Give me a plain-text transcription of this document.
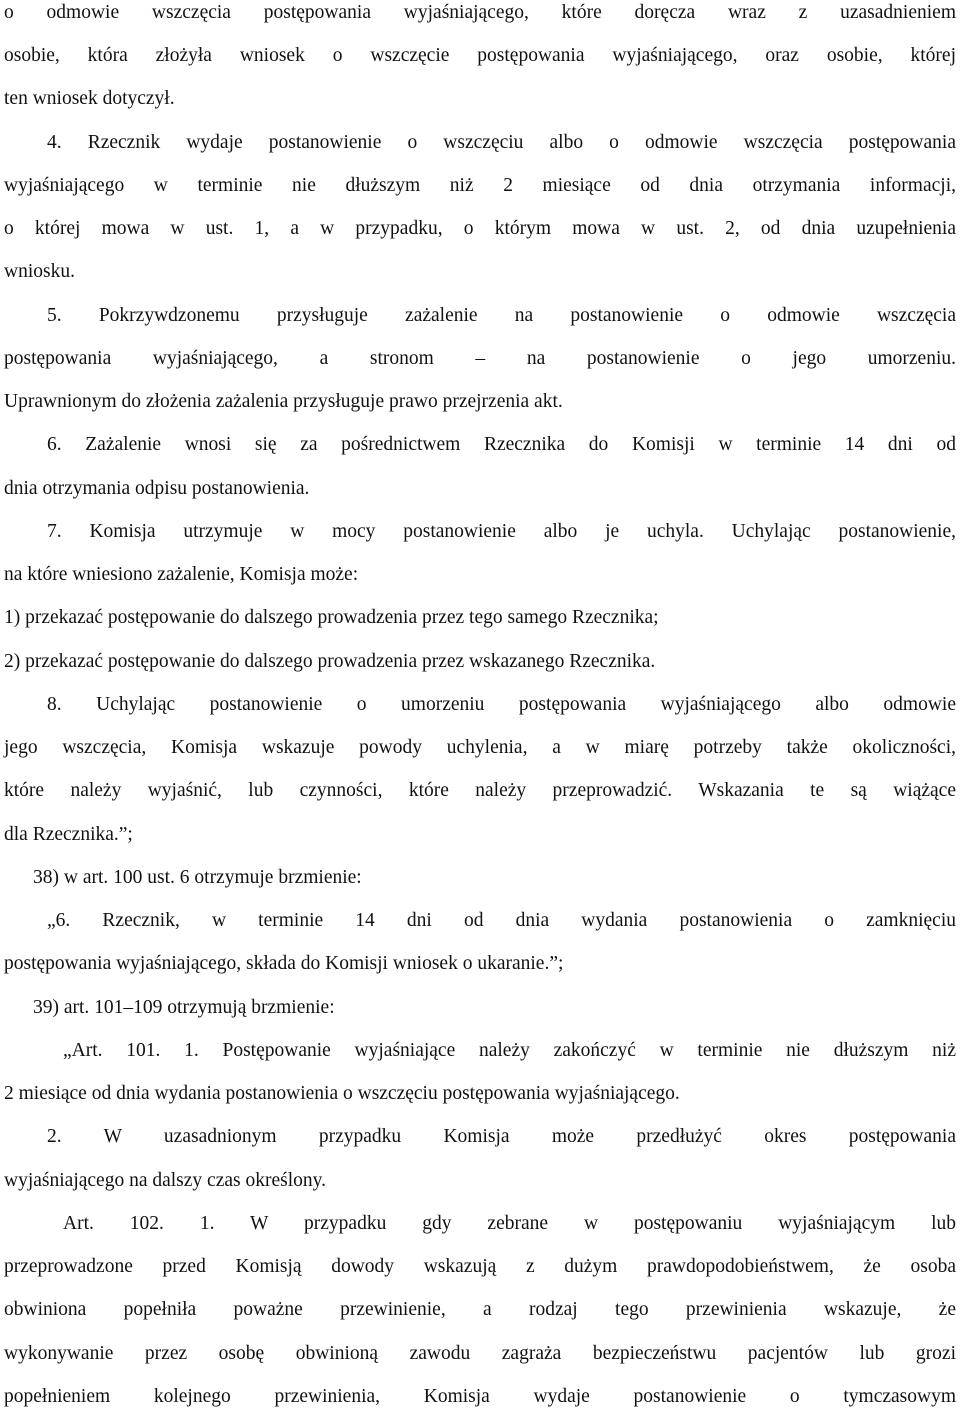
o odmowie wszczęcia postępowania wyjaśniającego, które doręcza wraz z uzasadnieniem
osobie, która złożyła wniosek o wszczęcie postępowania wyjaśniającego, oraz osobie, której
ten wniosek dotyczył.
4. Rzecznik wydaje postanowienie o wszczęciu albo o odmowie wszczęcia postępowania
wyjaśniającego w terminie nie dłuższym niż 2 miesiące od dnia otrzymania informacji,
o której mowa w ust. 1, a w przypadku, o którym mowa w ust. 2, od dnia uzupełnienia
wniosku.
5. Pokrzywdzonemu przysługuje zażalenie na postanowienie o odmowie wszczęcia
postępowania wyjaśniającego, a stronom – na postanowienie o jego umorzeniu.
Uprawnionym do złożenia zażalenia przysługuje prawo przejrzenia akt.
6. Zażalenie wnosi się za pośrednictwem Rzecznika do Komisji w terminie 14 dni od
dnia otrzymania odpisu postanowienia.
7. Komisja utrzymuje w mocy postanowienie albo je uchyla. Uchylając postanowienie,
na które wniesiono zażalenie, Komisja może:
1) przekazać postępowanie do dalszego prowadzenia przez tego samego Rzecznika;
2) przekazać postępowanie do dalszego prowadzenia przez wskazanego Rzecznika.
8. Uchylając postanowienie o umorzeniu postępowania wyjaśniającego albo odmowie
jego wszczęcia, Komisja wskazuje powody uchylenia, a w miarę potrzeby także okoliczności,
które należy wyjaśnić, lub czynności, które należy przeprowadzić. Wskazania te są wiążące
dla Rzecznika.”;
38) w art. 100 ust. 6 otrzymuje brzmienie:
„6. Rzecznik, w terminie 14 dni od dnia wydania postanowienia o zamknięciu
postępowania wyjaśniającego, składa do Komisji wniosek o ukaranie.”;
39) art. 101–109 otrzymują brzmienie:
„Art. 101. 1. Postępowanie wyjaśniające należy zakończyć w terminie nie dłuższym niż
2 miesiące od dnia wydania postanowienia o wszczęciu postępowania wyjaśniającego.
2. W uzasadnionym przypadku Komisja może przedłużyć okres postępowania
wyjaśniającego na dalszy czas określony.
Art. 102. 1. W przypadku gdy zebrane w postępowaniu wyjaśniającym lub
przeprowadzone przed Komisją dowody wskazują z dużym prawdopodobieństwem, że osoba
obwiniona popełniła poważne przewinienie, a rodzaj tego przewinienia wskazuje, że
wykonywanie przez osobę obwinioną zawodu zagraża bezpieczeństwu pacjentów lub grozi
popełnieniem kolejnego przewinienia, Komisja wydaje postanowienie o tymczasowym
